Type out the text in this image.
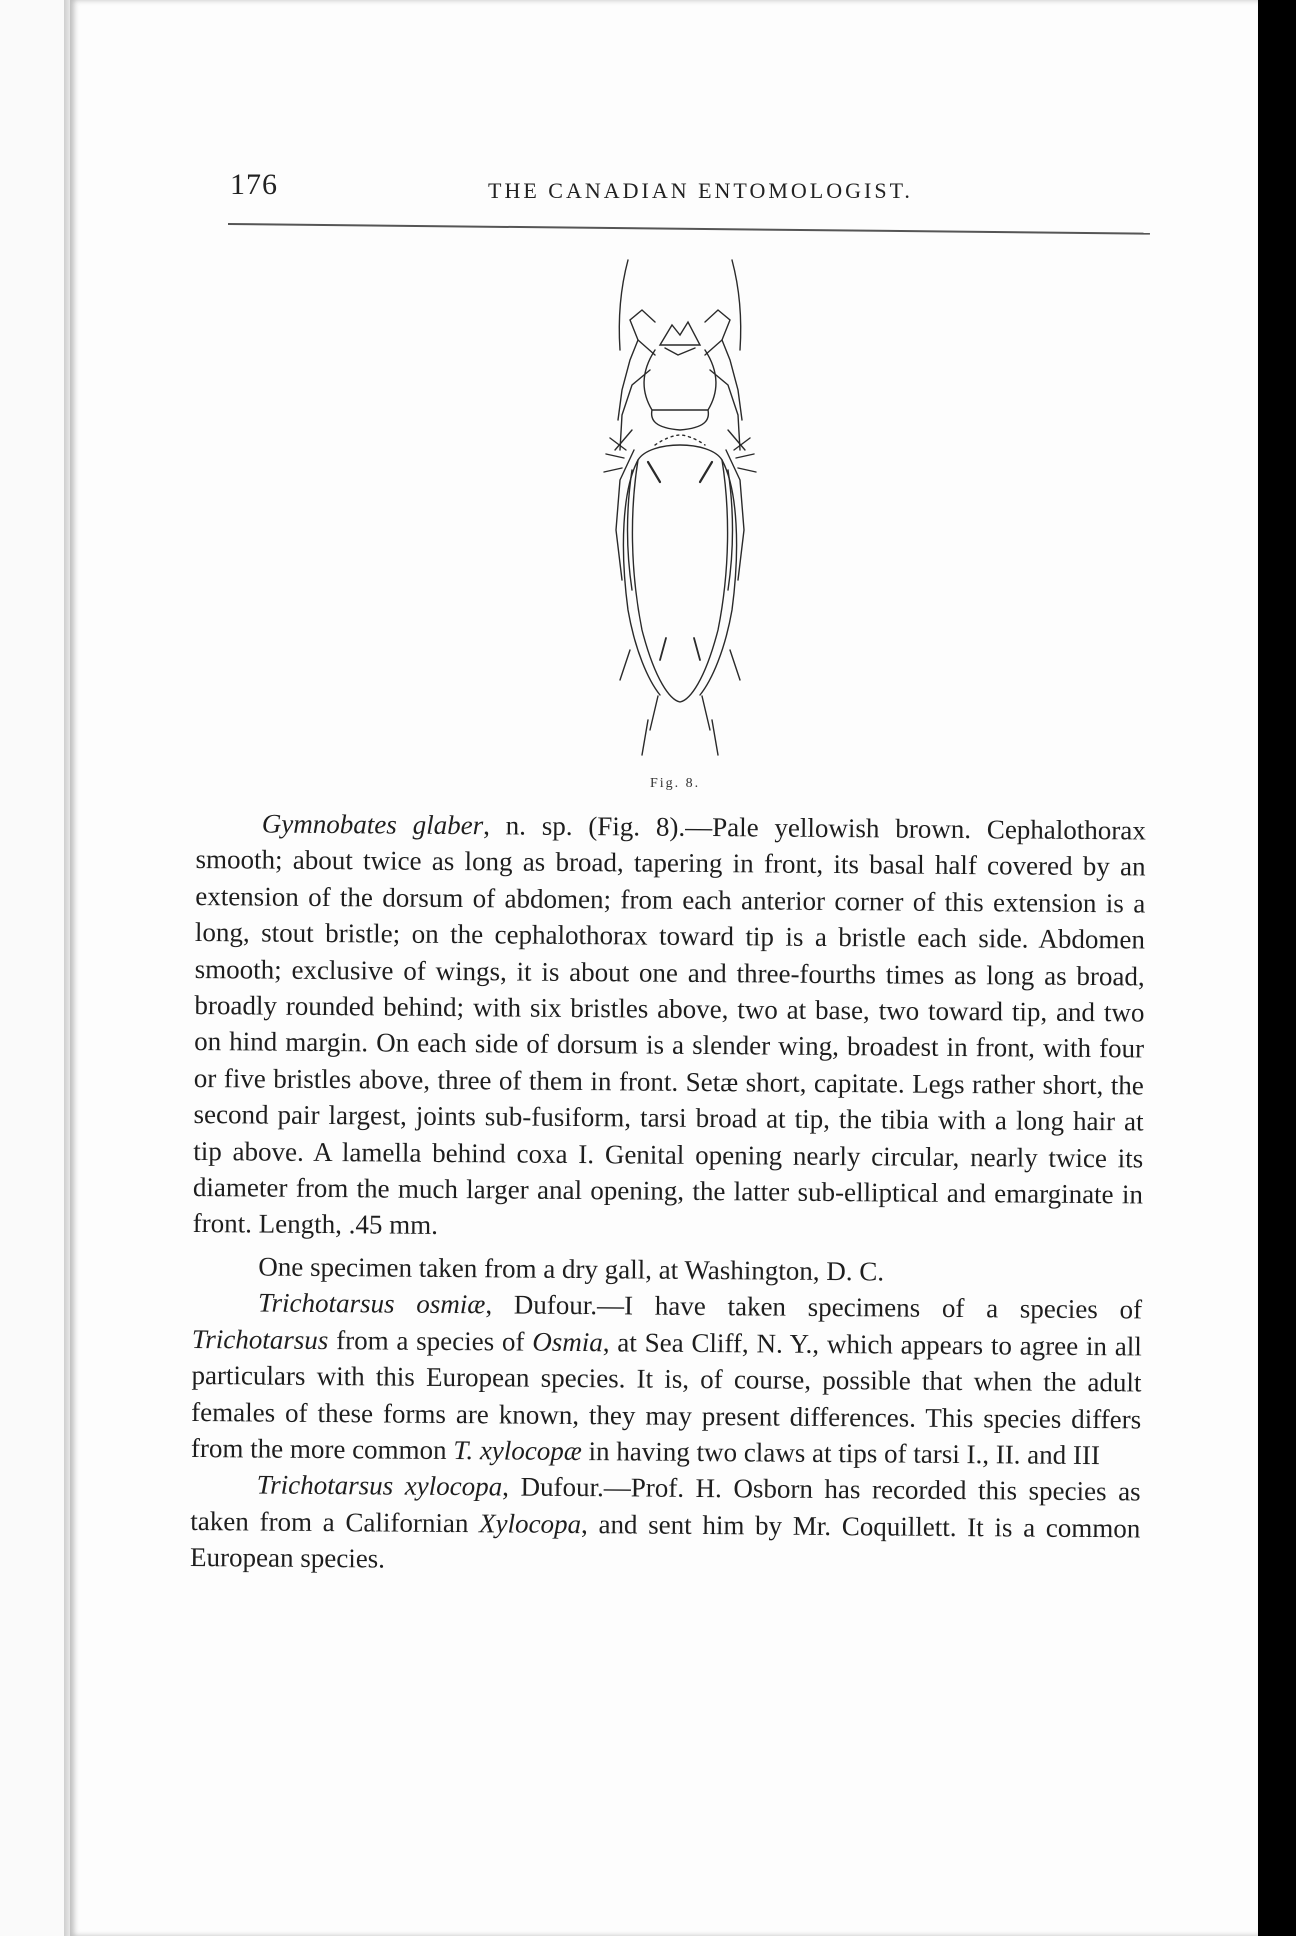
176	THE CANADIAN ENTOMOLOGIST.
Fig. 8.

Gymnobates glaber, n. sp. (Fig. 8).—Pale yellowish brown. Cephalothorax smooth; about twice as long as broad, tapering in front, its basal half covered by an extension of the dorsum of abdomen; from each anterior corner of this extension is a long, stout bristle; on the cephalothorax toward tip is a bristle each side. Abdomen smooth; exclusive of wings, it is about one and three-fourths times as long as broad, broadly rounded behind; with six bristles above, two at base, two toward tip, and two on hind margin. On each side of dorsum is a slender wing, broadest in front, with four or five bristles above, three of them in front. Setæ short, capitate. Legs rather short, the second pair largest, joints sub-fusiform, tarsi broad at tip, the tibia with a long hair at tip above. A lamella behind coxa I. Genital opening nearly circular, nearly twice its diameter from the much larger anal opening, the latter sub-elliptical and emarginate in front. Length, .45 mm.

One specimen taken from a dry gall, at Washington, D. C.

Trichotarsus osmiæ, Dufour.—I have taken specimens of a species of Trichotarsus from a species of Osmia, at Sea Cliff, N. Y., which appears to agree in all particulars with this European species. It is, of course, possible that when the adult females of these forms are known, they may present differences. This species differs from the more common T. xylocopæ in having two claws at tips of tarsi I., II. and III

Trichotarsus xylocopa, Dufour.—Prof. H. Osborn has recorded this species as taken from a Californian Xylocopa, and sent him by Mr. Coquillett. It is a common European species.
